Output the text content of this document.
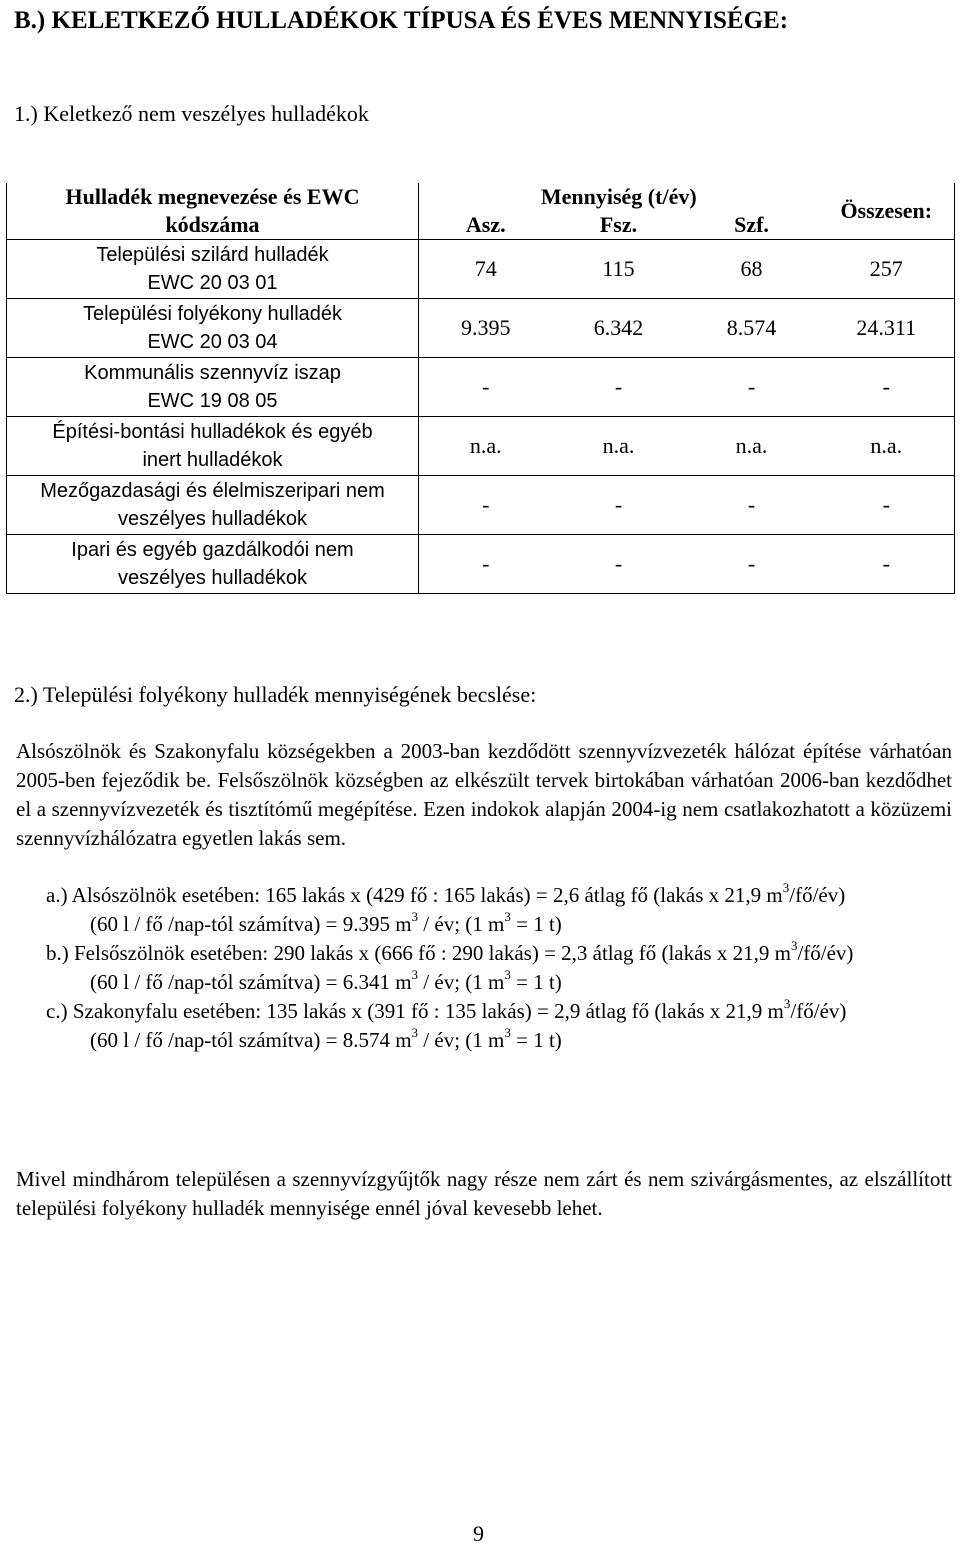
B.) KELETKEZŐ HULLADÉKOK TÍPUSA ÉS ÉVES MENNYISÉGE:
1.) Keletkező nem veszélyes hulladékok
Hulladék megnevezése és EWC	Mennyiség (t/év)			Összesen:
kódszáma	Asz.	Fsz.	Szf.	
Települési szilárd hulladék
EWC 20 03 01	74	115	68	257
Települési folyékony hulladék
EWC 20 03 04	9.395	6.342	8.574	24.311
Kommunális szennyvíz iszap
EWC 19 08 05	-	-	-	-
Építési-bontási hulladékok és egyéb
inert hulladékok	n.a.	n.a.	n.a.	n.a.
Mezőgazdasági és élelmiszeripari nem
veszélyes hulladékok	-	-	-	-
Ipari és egyéb gazdálkodói nem
veszélyes hulladékok	-	-	-	-
2.) Települési folyékony hulladék mennyiségének becslése:

Alsószölnök és Szakonyfalu községekben a 2003-ban kezdődött szennyvízvezeték hálózat építése várhatóan 2005-ben fejeződik be. Felsőszölnök községben az elkészült tervek birtokában várhatóan 2006-ban kezdődhet el a szennyvízvezeték és tisztítómű megépítése. Ezen indokok alapján 2004-ig nem csatlakozhatott a közüzemi szennyvízhálózatra egyetlen lakás sem.

a.) Alsószölnök esetében: 165 lakás x (429 fő : 165 lakás) = 2,6 átlag fő (lakás x 21,9 $m^3/fő/év$)

(60 l / fő /nap-tól számítva) = 9.395 $m^3$ / év; (1 $m^3 = 1$ t)

b.) Felsőszölnök esetében: 290 lakás x (666 fő : 290 lakás) = 2,3 átlag fő (lakás x 21,9 $m^3/fő/év$)

(60 l / fő /nap-tól számítva) = 6.341 $m^3$ / év; (1 $m^3 = 1$ t)

c.) Szakonyfalu esetében: 135 lakás x (391 fő : 135 lakás) = 2,9 átlag fő (lakás x 21,9 $m^3/fő/év$)

(60 l / fő /nap-tól számítva) = 8.574 $m^3$ / év; (1 $m^3 = 1$ t)

Mivel mindhárom településen a szennyvízgyűjtők nagy része nem zárt és nem szivárgásmentes, az elszállított települési folyékony hulladék mennyisége ennél jóval kevesebb lehet.

9
